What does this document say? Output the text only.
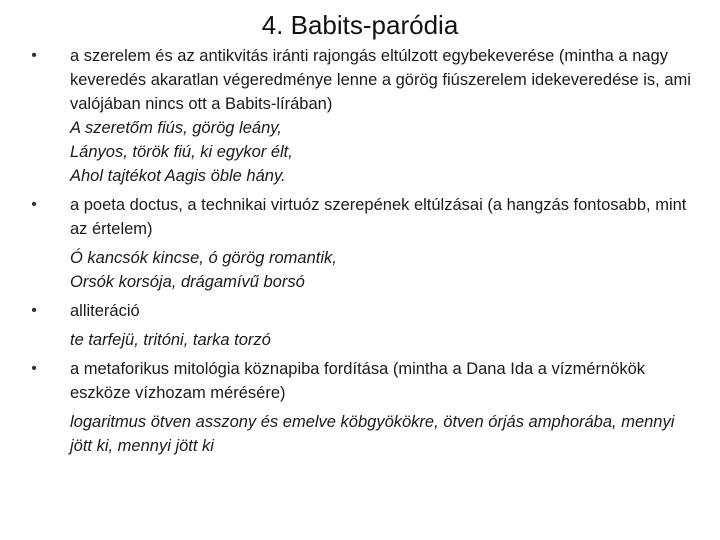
4. Babits-paródia
• a szerelem és az antikvitás iránti rajongás eltúlzott egybekeverése (mintha a nagy keveredés akaratlan végeredménye lenne a görög fiúszerelem idekeveredése is, ami valójában nincs ott a Babits-lírában)
A szeretőm fiús, görög leány,
Lányos, török fiú, ki egykor élt,
Ahol tajtékot Aagis öble hány.
• a poeta doctus, a technikai virtuóz szerepének eltúlzásai (a hangzás fontosabb, mint az értelem)
Ó kancsók kincse, ó görög romantik,
Orsók korsója, drágamívű borsó
• alliteráció
te tarfejü, tritóni, tarka torzó
• a metaforikus mitológia köznapiba fordítása (mintha a Dana Ida a vízmérnökök eszköze vízhozam mérésére)
logaritmus ötven asszony és emelve köbgyökökre, ötven órjás amphorába, mennyi jött ki, mennyi jött ki
